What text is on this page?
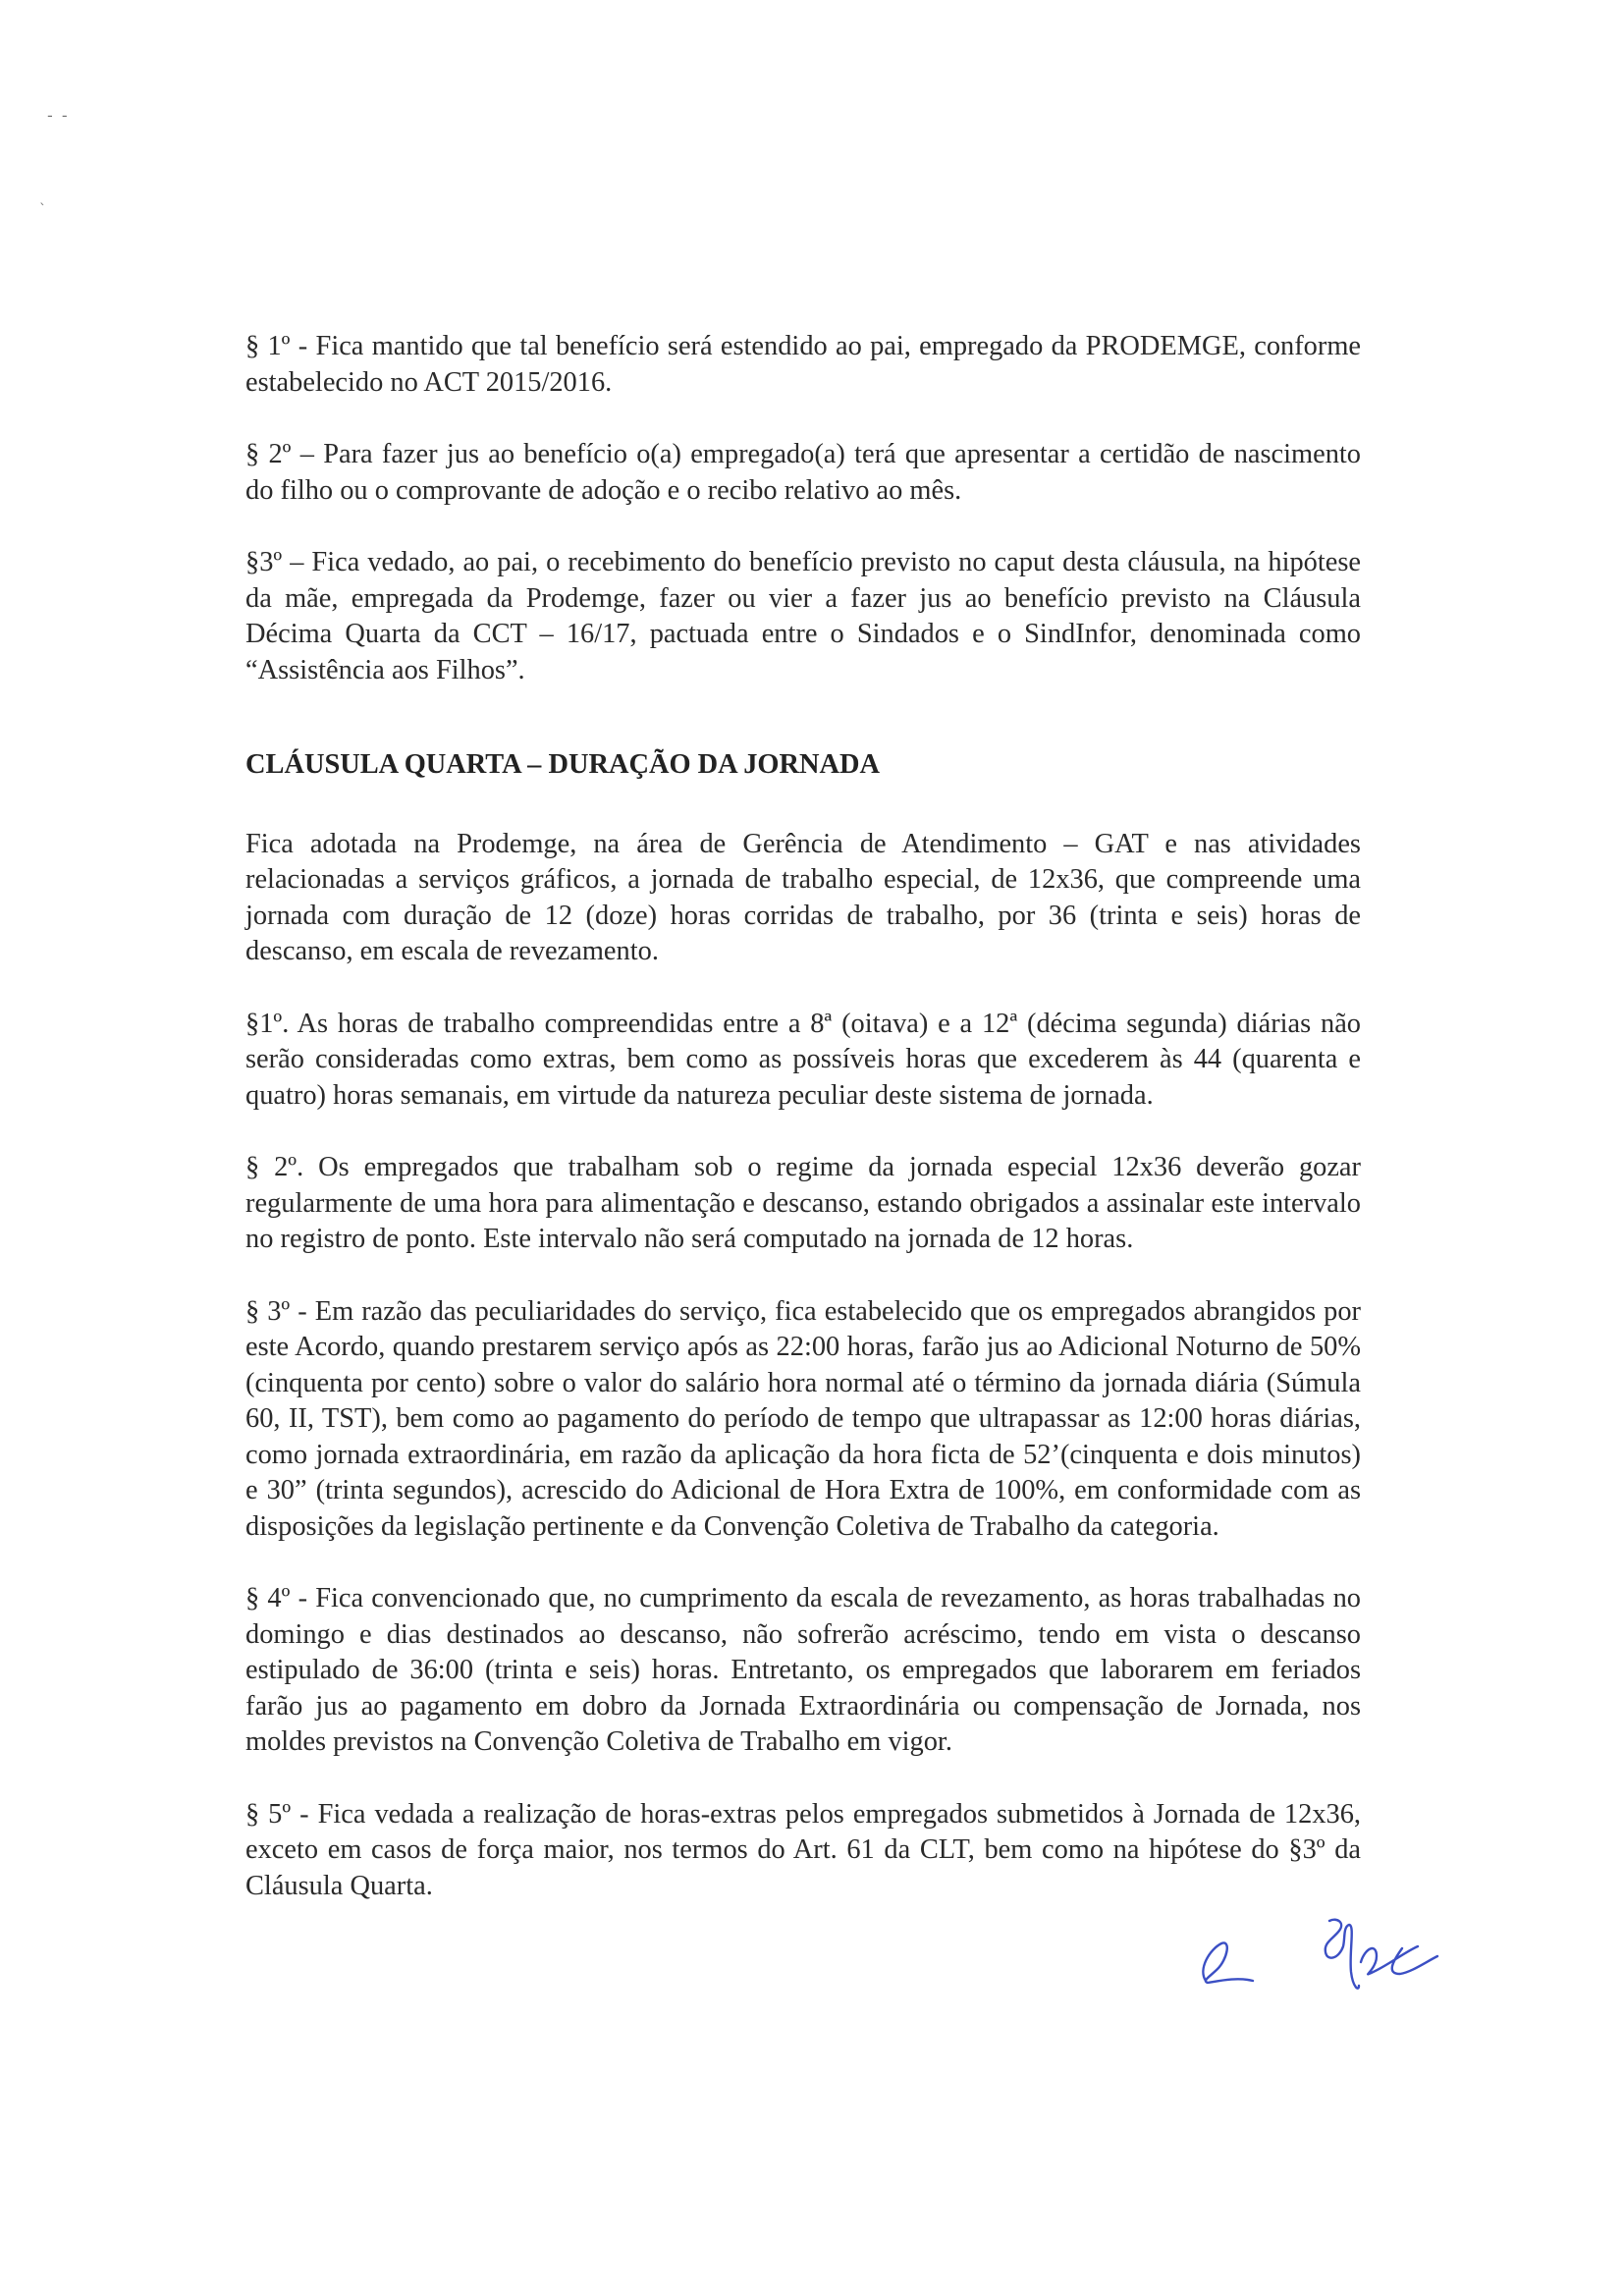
‐ ‐
`

§ 1º - Fica mantido que tal benefício será estendido ao pai, empregado da PRODEMGE, conforme estabelecido no ACT 2015/2016.

§ 2º – Para fazer jus ao benefício o(a) empregado(a) terá que apresentar a certidão de nascimento do filho ou o comprovante de adoção e o recibo relativo ao mês.

§3º – Fica vedado, ao pai, o recebimento do benefício previsto no caput desta cláusula, na hipótese da mãe, empregada da Prodemge, fazer ou vier a fazer jus ao benefício previsto na Cláusula Décima Quarta da CCT – 16/17, pactuada entre o Sindados e o SindInfor, denominada como “Assistência aos Filhos”.

CLÁUSULA QUARTA – DURAÇÃO DA JORNADA

Fica adotada na Prodemge, na área de Gerência de Atendimento – GAT e nas atividades relacionadas a serviços gráficos, a jornada de trabalho especial, de 12x36, que compreende uma jornada com duração de 12 (doze) horas corridas de trabalho, por 36 (trinta e seis) horas de descanso, em escala de revezamento.

§1º. As horas de trabalho compreendidas entre a 8ª (oitava) e a 12ª (décima segunda) diárias não serão consideradas como extras, bem como as possíveis horas que excederem às 44 (quarenta e quatro) horas semanais, em virtude da natureza peculiar deste sistema de jornada.

§ 2º. Os empregados que trabalham sob o regime da jornada especial 12x36 deverão gozar regularmente de uma hora para alimentação e descanso, estando obrigados a assinalar este intervalo no registro de ponto. Este intervalo não será computado na jornada de 12 horas.

§ 3º - Em razão das peculiaridades do serviço, fica estabelecido que os empregados abrangidos por este Acordo, quando prestarem serviço após as 22:00 horas, farão jus ao Adicional Noturno de 50% (cinquenta por cento) sobre o valor do salário hora normal até o término da jornada diária (Súmula 60, II, TST), bem como ao pagamento do período de tempo que ultrapassar as 12:00 horas diárias, como jornada extraordinária, em razão da aplicação da hora ficta de 52’(cinquenta e dois minutos) e 30” (trinta segundos), acrescido do Adicional de Hora Extra de 100%, em conformidade com as disposições da legislação pertinente e da Convenção Coletiva de Trabalho da categoria.

§ 4º - Fica convencionado que, no cumprimento da escala de revezamento, as horas trabalhadas no domingo e dias destinados ao descanso, não sofrerão acréscimo, tendo em vista o descanso estipulado de 36:00 (trinta e seis) horas. Entretanto, os empregados que laborarem em feriados farão jus ao pagamento em dobro da Jornada Extraordinária ou compensação de Jornada, nos moldes previstos na Convenção Coletiva de Trabalho em vigor.

§ 5º - Fica vedada a realização de horas-extras pelos empregados submetidos à Jornada de 12x36, exceto em casos de força maior, nos termos do Art. 61 da CLT, bem como na hipótese do §3º da Cláusula Quarta.
